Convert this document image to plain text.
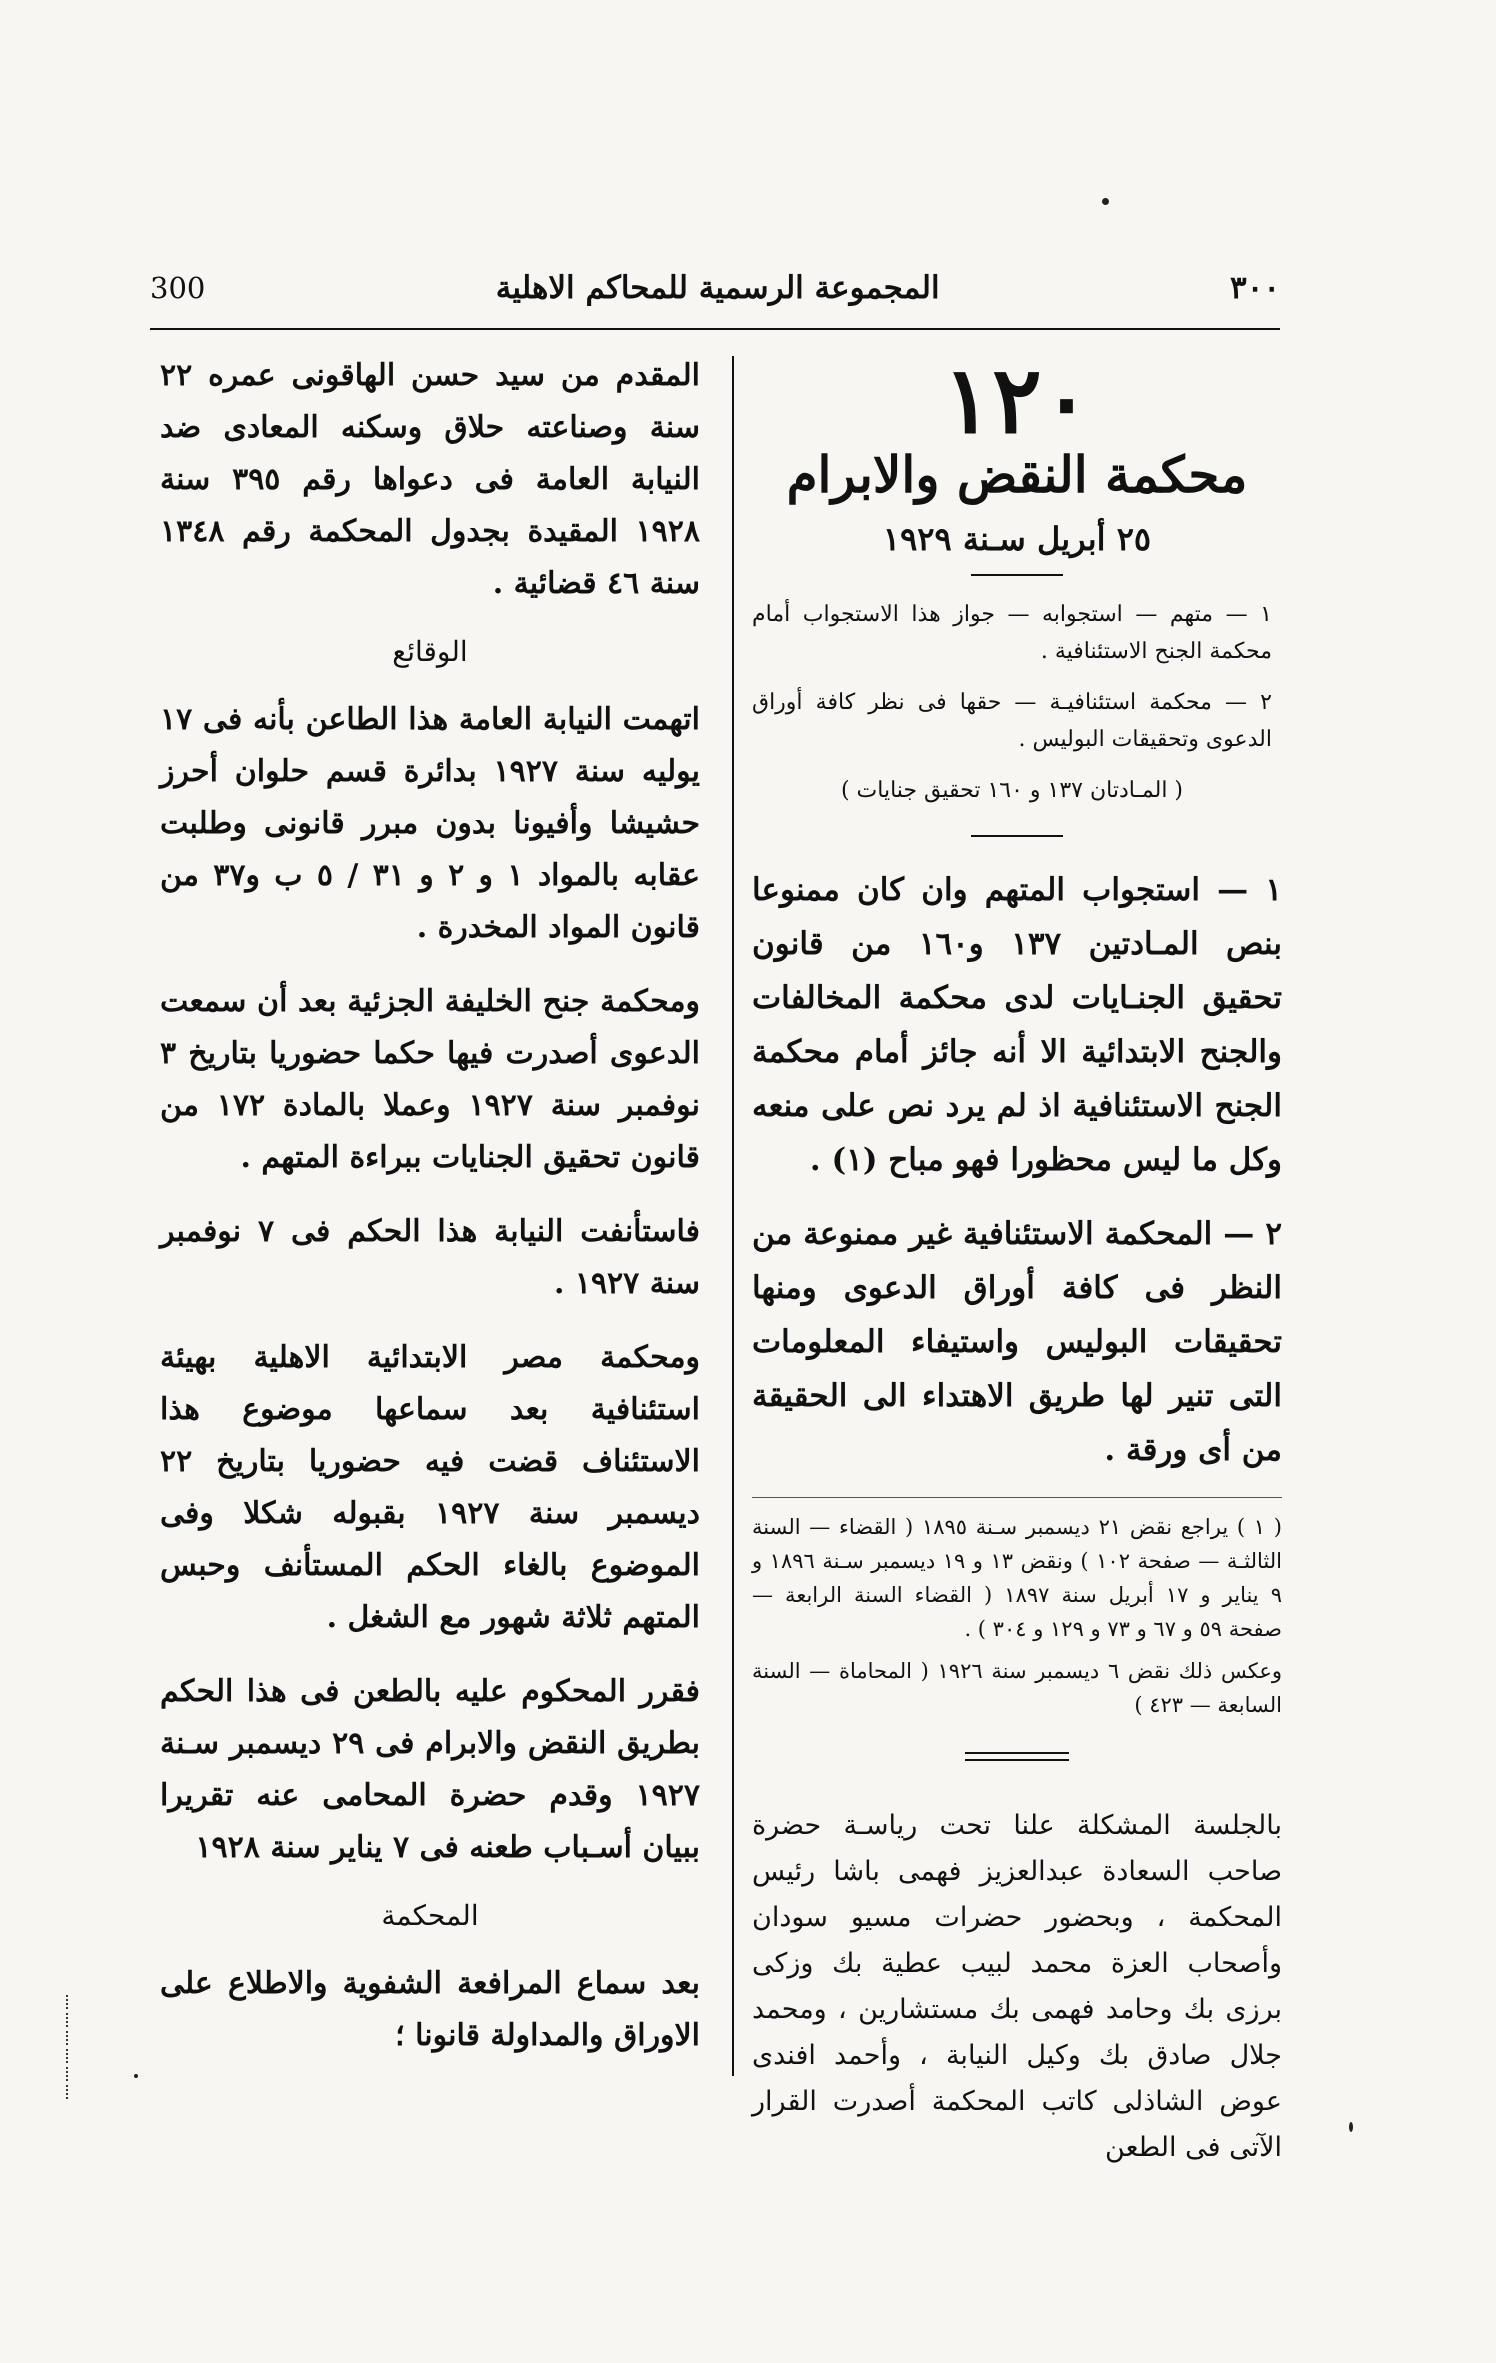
300	المجموعة الرسمية للمحاكم الاهلية	٣٠٠
١٢٠
محكمة النقض والابرام
٢٥ أبريل سـنة ١٩٢٩

١ — متهم — استجوابه — جواز هذا الاستجواب أمام محكمة الجنح الاستئنافية .

٢ — محكمة استئنافيـة — حقها فى نظر كافة أوراق الدعوى وتحقيقات البوليس .

( المـادتان ١٣٧ و ١٦٠ تحقيق جنايات )

١ — استجواب المتهم وان كان ممنوعا بنص المـادتين ١٣٧ و١٦٠ من قانون تحقيق الجنـايات لدى محكمة المخالفات والجنح الابتدائية الا أنه جائز أمام محكمة الجنح الاستئنافية اذ لم يرد نص على منعه وكل ما ليس محظورا فهو مباح (١) .

٢ — المحكمة الاستئنافية غير ممنوعة من النظر فى كافة أوراق الدعوى ومنها تحقيقات البوليس واستيفاء المعلومات التى تنير لها طريق الاهتداء الى الحقيقة من أى ورقة .

( ١ ) يراجع نقض ٢١ ديسمبر سـنة ١٨٩٥ ( القضاء — السنة الثالثـة — صفحة ١٠٢ ) ونقض ١٣ و ١٩ ديسمبر سـنة ١٨٩٦ و ٩ يناير و ١٧ أبريل سنة ١٨٩٧ ( القضاء السنة الرابعة — صفحة ٥٩ و ٦٧ و ٧٣ و ١٢٩ و ٣٠٤ ) .

وعكس ذلك نقض ٦ ديسمبر سنة ١٩٢٦ ( المحاماة — السنة السابعة — ٤٢٣ )

بالجلسة المشكلة علنا تحت رياسـة حضرة صاحب السعادة عبدالعزيز فهمى باشا رئيس المحكمة ، وبحضور حضرات مسيو سودان وأصحاب العزة محمد لبيب عطية بك وزكى برزى بك وحامد فهمى بك مستشارين ، ومحمد جلال صادق بك وكيل النيابة ، وأحمد افندى عوض الشاذلى كاتب المحكمة أصدرت القرار الآتى فى الطعن

المقدم من سيد حسن الهاقونى عمره ٢٢ سنة وصناعته حلاق وسكنه المعادى ضد النيابة العامة فى دعواها رقم ٣٩٥ سنة ١٩٢٨ المقيدة بجدول المحكمة رقم ١٣٤٨ سنة ٤٦ قضائية .

الوقائع

اتهمت النيابة العامة هذا الطاعن بأنه فى ١٧ يوليه سنة ١٩٢٧ بدائرة قسم حلوان أحرز حشيشا وأفيونا بدون مبرر قانونى وطلبت عقابه بالمواد ١ و ٢ و ٣١ / ٥ ب و٣٧ من قانون المواد المخدرة .

ومحكمة جنح الخليفة الجزئية بعد أن سمعت الدعوى أصدرت فيها حكما حضوريا بتاريخ ٣ نوفمبر سنة ١٩٢٧ وعملا بالمادة ١٧٢ من قانون تحقيق الجنايات ببراءة المتهم .

فاستأنفت النيابة هذا الحكم فى ٧ نوفمبر سنة ١٩٢٧ .

ومحكمة مصر الابتدائية الاهلية بهيئة استئنافية بعد سماعها موضوع هذا الاستئناف قضت فيه حضوريا بتاريخ ٢٢ ديسمبر سنة ١٩٢٧ بقبوله شكلا وفى الموضوع بالغاء الحكم المستأنف وحبس المتهم ثلاثة شهور مع الشغل .

فقرر المحكوم عليه بالطعن فى هذا الحكم بطريق النقض والابرام فى ٢٩ ديسمبر سـنة ١٩٢٧ وقدم حضرة المحامى عنه تقريرا ببيان أسـباب طعنه فى ٧ يناير سنة ١٩٢٨

المحكمة

بعد سماع المرافعة الشفوية والاطلاع على الاوراق والمداولة قانونا ؛
